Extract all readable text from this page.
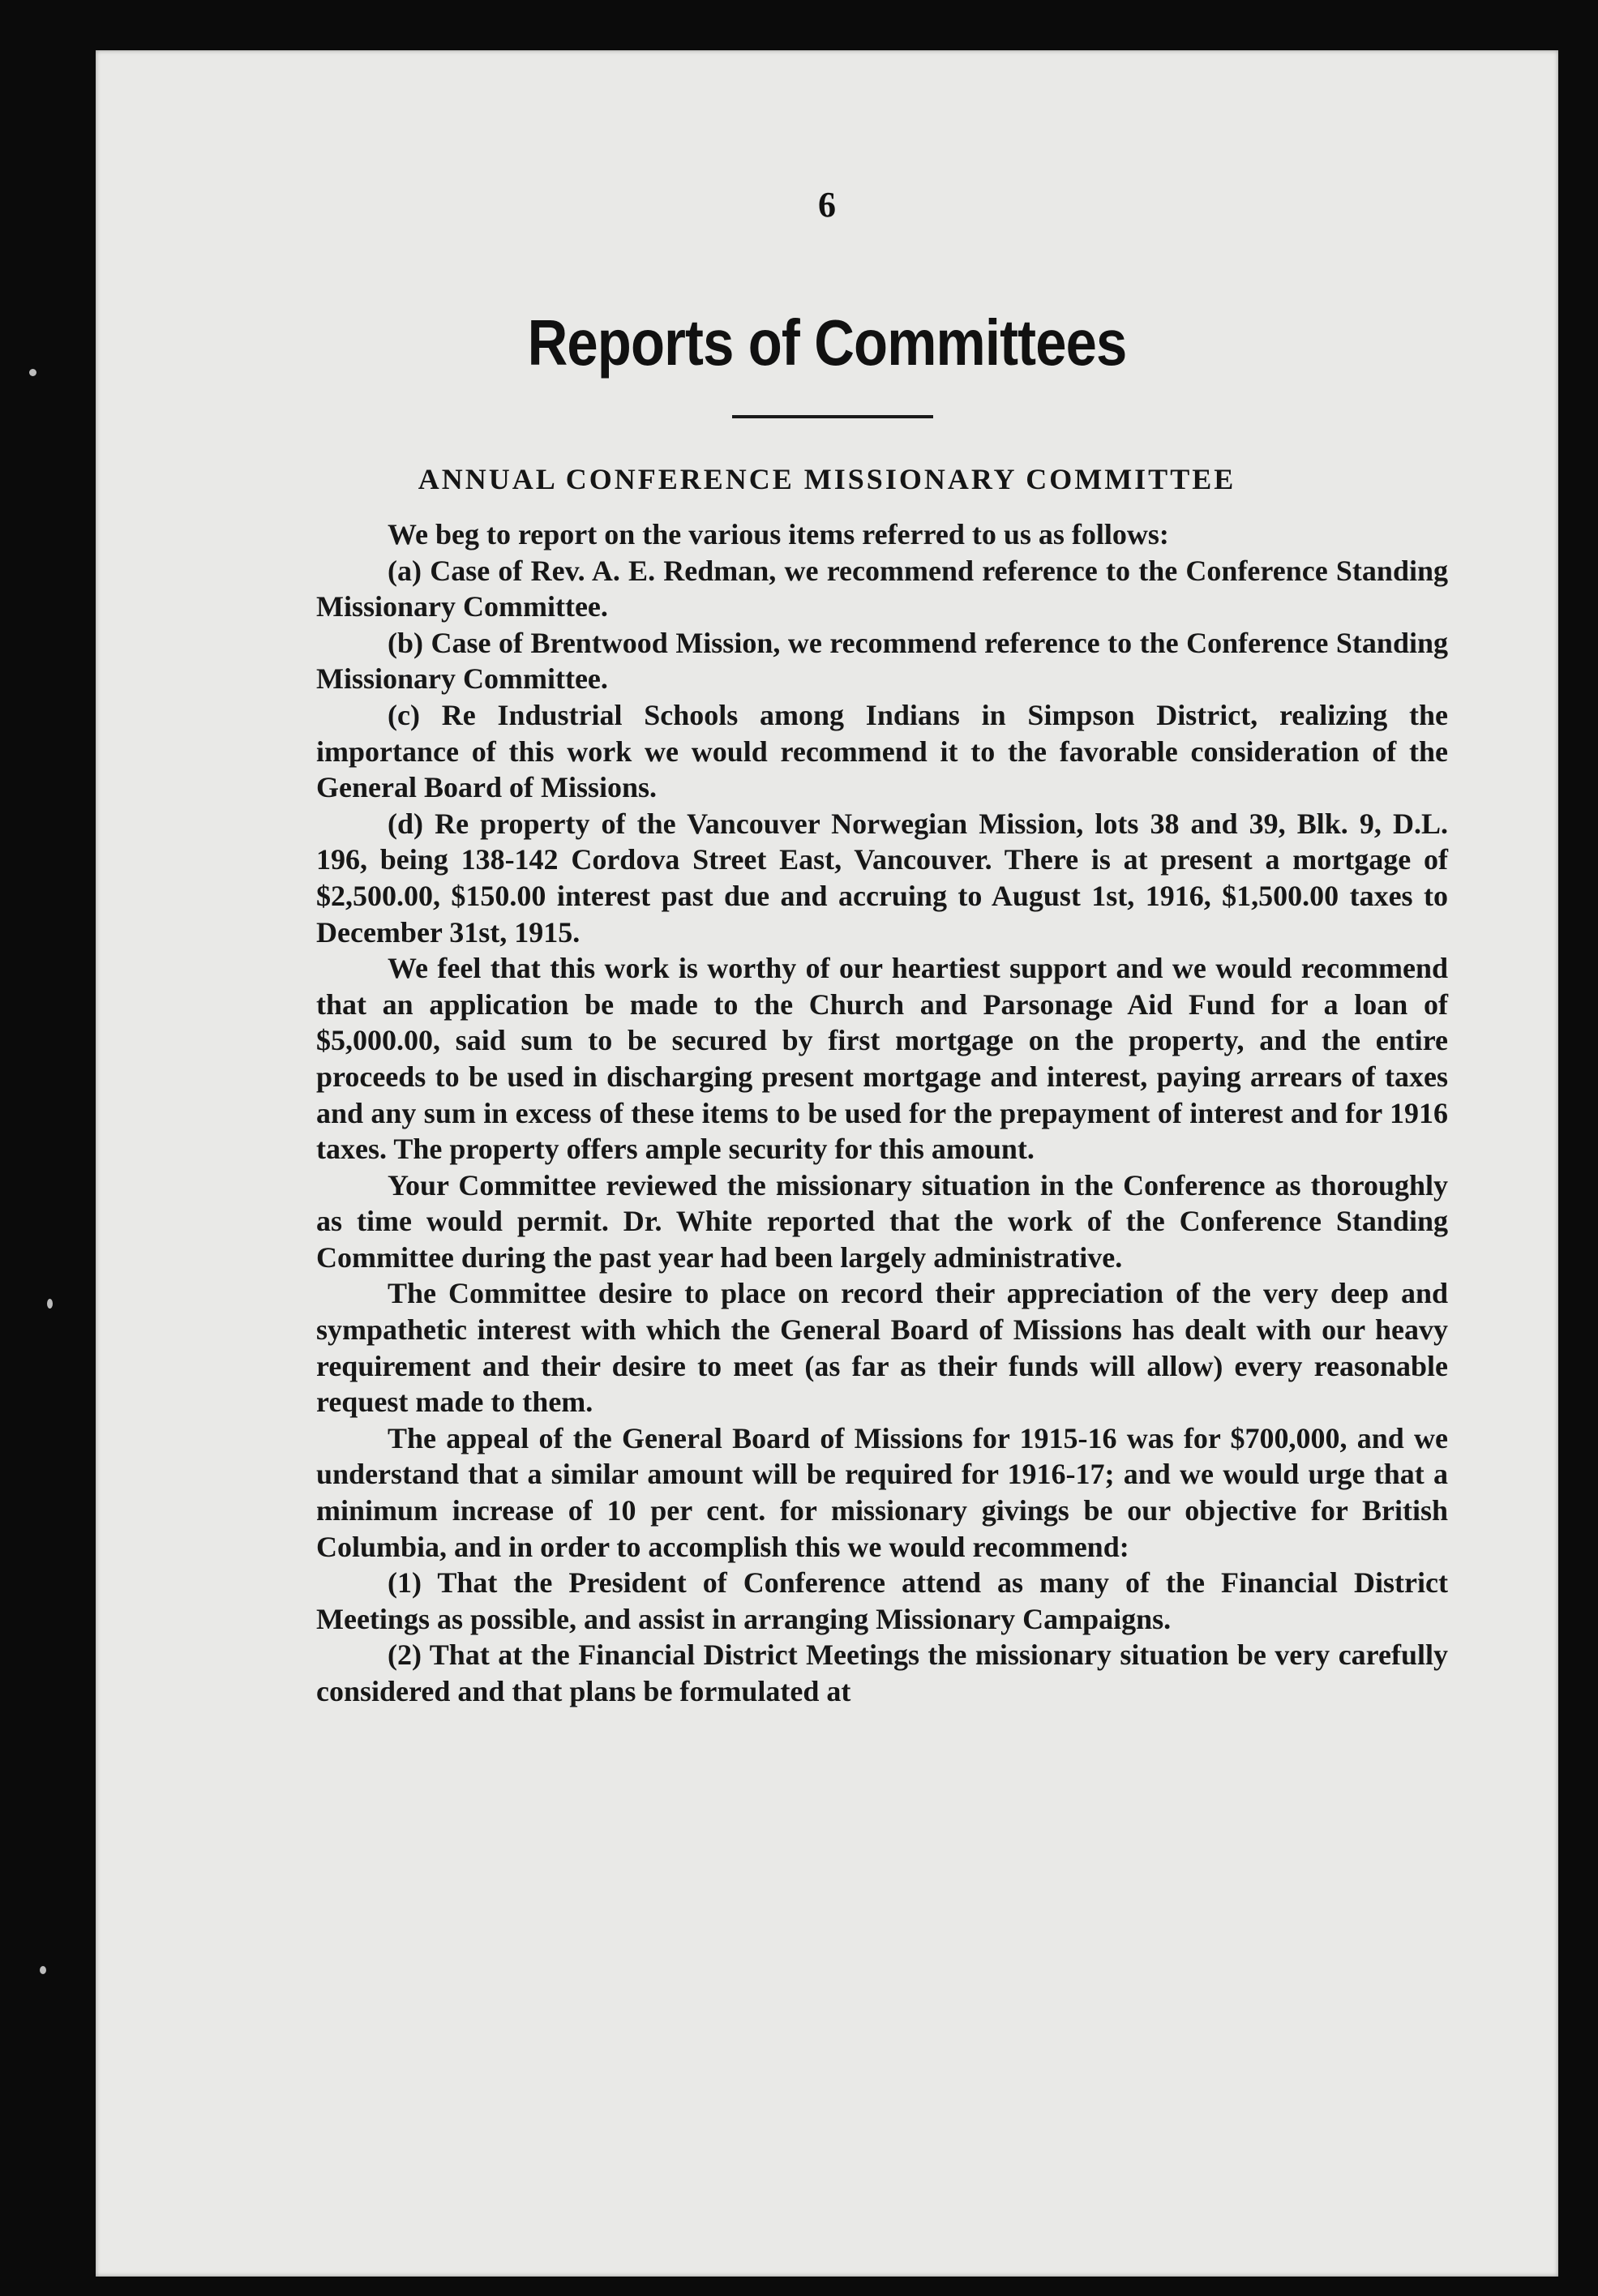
6
Reports of Committees
ANNUAL CONFERENCE MISSIONARY COMMITTEE

We beg to report on the various items referred to us as follows:

(a) Case of Rev. A. E. Redman, we recommend reference to the Conference Standing Missionary Committee.

(b) Case of Brentwood Mission, we recommend reference to the Conference Standing Missionary Committee.

(c) Re Industrial Schools among Indians in Simpson District, realizing the importance of this work we would recommend it to the favorable consideration of the General Board of Missions.

(d) Re property of the Vancouver Norwegian Mission, lots 38 and 39, Blk. 9, D.L. 196, being 138-142 Cordova Street East, Vancouver. There is at present a mortgage of $2,500.00, $150.00 interest past due and accruing to August 1st, 1916, $1,500.00 taxes to December 31st, 1915.

We feel that this work is worthy of our heartiest support and we would recommend that an application be made to the Church and Parsonage Aid Fund for a loan of $5,000.00, said sum to be secured by first mortgage on the property, and the entire proceeds to be used in discharging present mortgage and interest, paying arrears of taxes and any sum in excess of these items to be used for the prepayment of interest and for 1916 taxes. The property offers ample security for this amount.

Your Committee reviewed the missionary situation in the Conference as thoroughly as time would permit. Dr. White reported that the work of the Conference Standing Committee during the past year had been largely administrative.

The Committee desire to place on record their appreciation of the very deep and sympathetic interest with which the General Board of Missions has dealt with our heavy requirement and their desire to meet (as far as their funds will allow) every reasonable request made to them.

The appeal of the General Board of Missions for 1915-16 was for $700,000, and we understand that a similar amount will be required for 1916-17; and we would urge that a minimum increase of 10 per cent. for missionary givings be our objective for British Columbia, and in order to accomplish this we would recommend:

(1) That the President of Conference attend as many of the Financial District Meetings as possible, and assist in arranging Missionary Campaigns.

(2) That at the Financial District Meetings the missionary situation be very carefully considered and that plans be formulated at
